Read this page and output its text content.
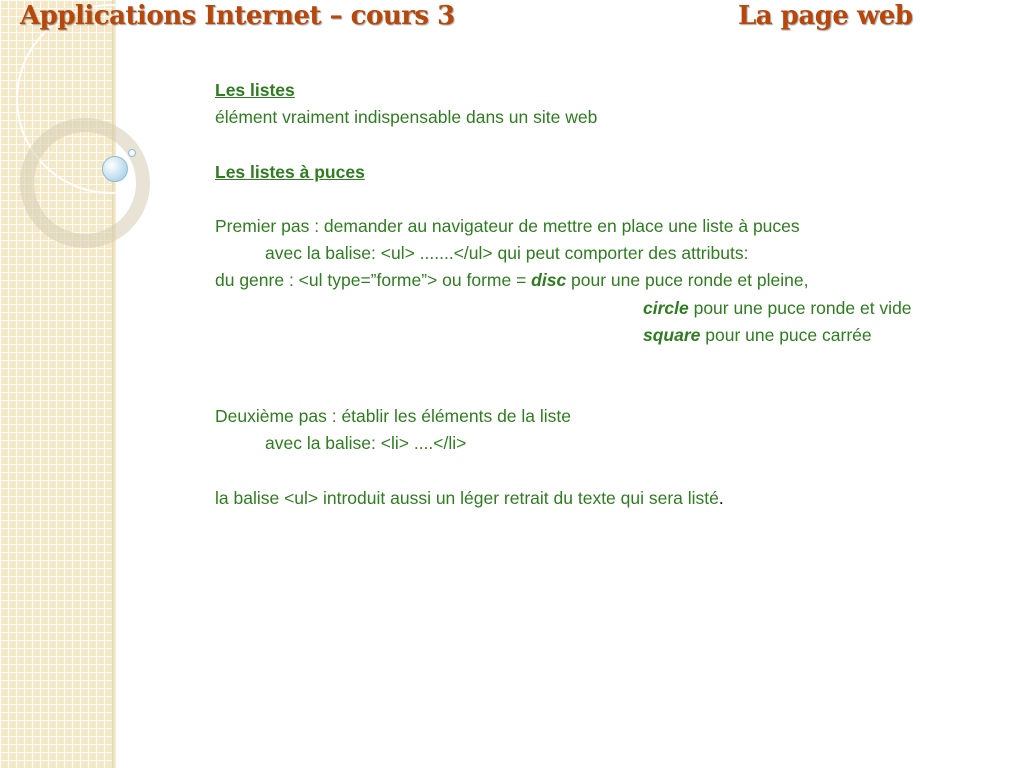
Applications Internet – cours 3	La page web
Les listes
élément vraiment indispensable dans un site web
Les listes à puces
Premier pas : demander au navigateur de mettre en place une liste à puces
avec la balise: <ul> .......</ul> qui peut comporter des attributs:
du genre : <ul type=”forme”> ou forme = disc pour une puce ronde et pleine,
circle pour une puce ronde et vide
square pour une puce carrée
Deuxième pas : établir les éléments de la liste
avec la balise: <li> ....</li>
la balise <ul> introduit aussi un léger retrait du texte qui sera listé.
